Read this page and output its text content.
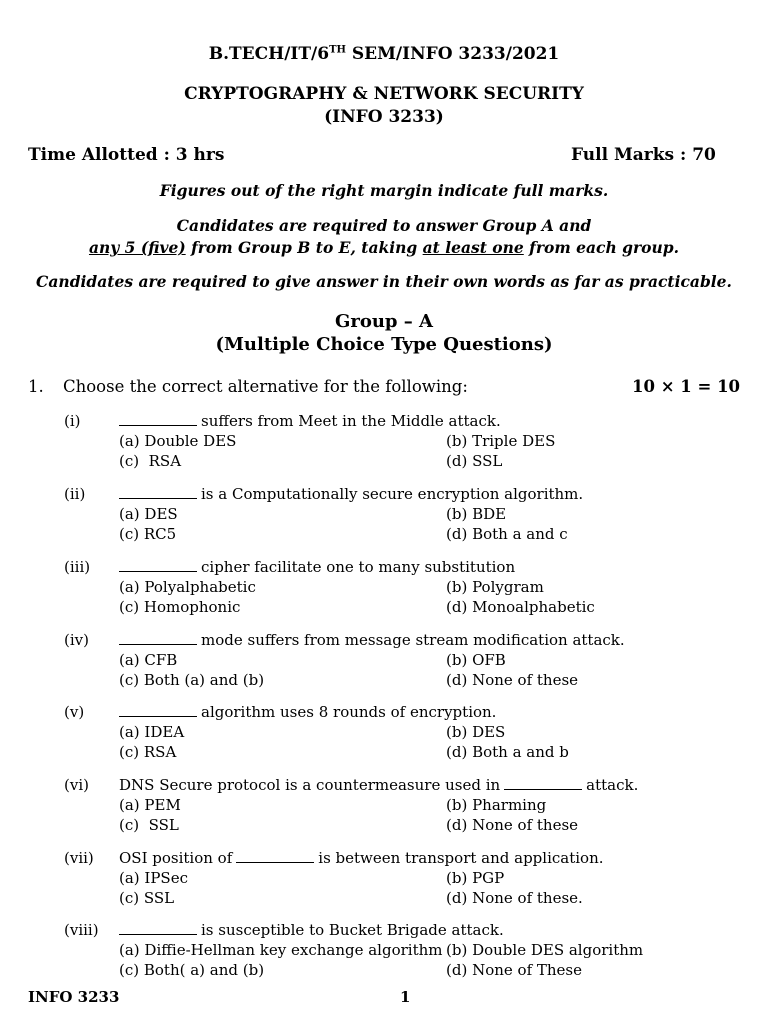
B.TECH/IT/6TH SEM/INFO 3233/2021
CRYPTOGRAPHY & NETWORK SECURITY
(INFO 3233)
Time Allotted : 3 hrs	Full Marks : 70
Figures out of the right margin indicate full marks.
Candidates are required to answer Group A and
any 5 (five) from Group B to E, taking at least one from each group.
Candidates are required to give answer in their own words as far as practicable.
Group – A
(Multiple Choice Type Questions)
1. Choose the correct alternative for the following:	10 × 1 = 10
(i)	suffers from Meet in the Middle attack.
(a) Double DES	(b) Triple DES
(c)  RSA	(d) SSL
(ii)	is a Computationally secure encryption algorithm.
(a) DES	(b) BDE
(c) RC5	(d) Both a and c
(iii)	cipher facilitate one to many substitution
(a) Polyalphabetic	(b) Polygram
(c) Homophonic	(d) Monoalphabetic
(iv)	mode suffers from message stream modification attack.
(a) CFB	(b) OFB
(c) Both (a) and (b)	(d) None of these
(v)	algorithm uses 8 rounds of encryption.
(a) IDEA	(b) DES
(c) RSA	(d) Both a and b
(vi) DNS Secure protocol is a countermeasure used in	attack.
(a) PEM	(b) Pharming
(c)  SSL	(d) None of these
(vii) OSI position of	is between transport and application.
(a) IPSec	(b) PGP
(c) SSL	(d) None of these.
(viii)	is susceptible to Bucket Brigade attack.
(a) Diffie-Hellman key exchange algorithm (b) Double DES algorithm
(c) Both( a) and (b)	(d) None of These
INFO 3233	1
